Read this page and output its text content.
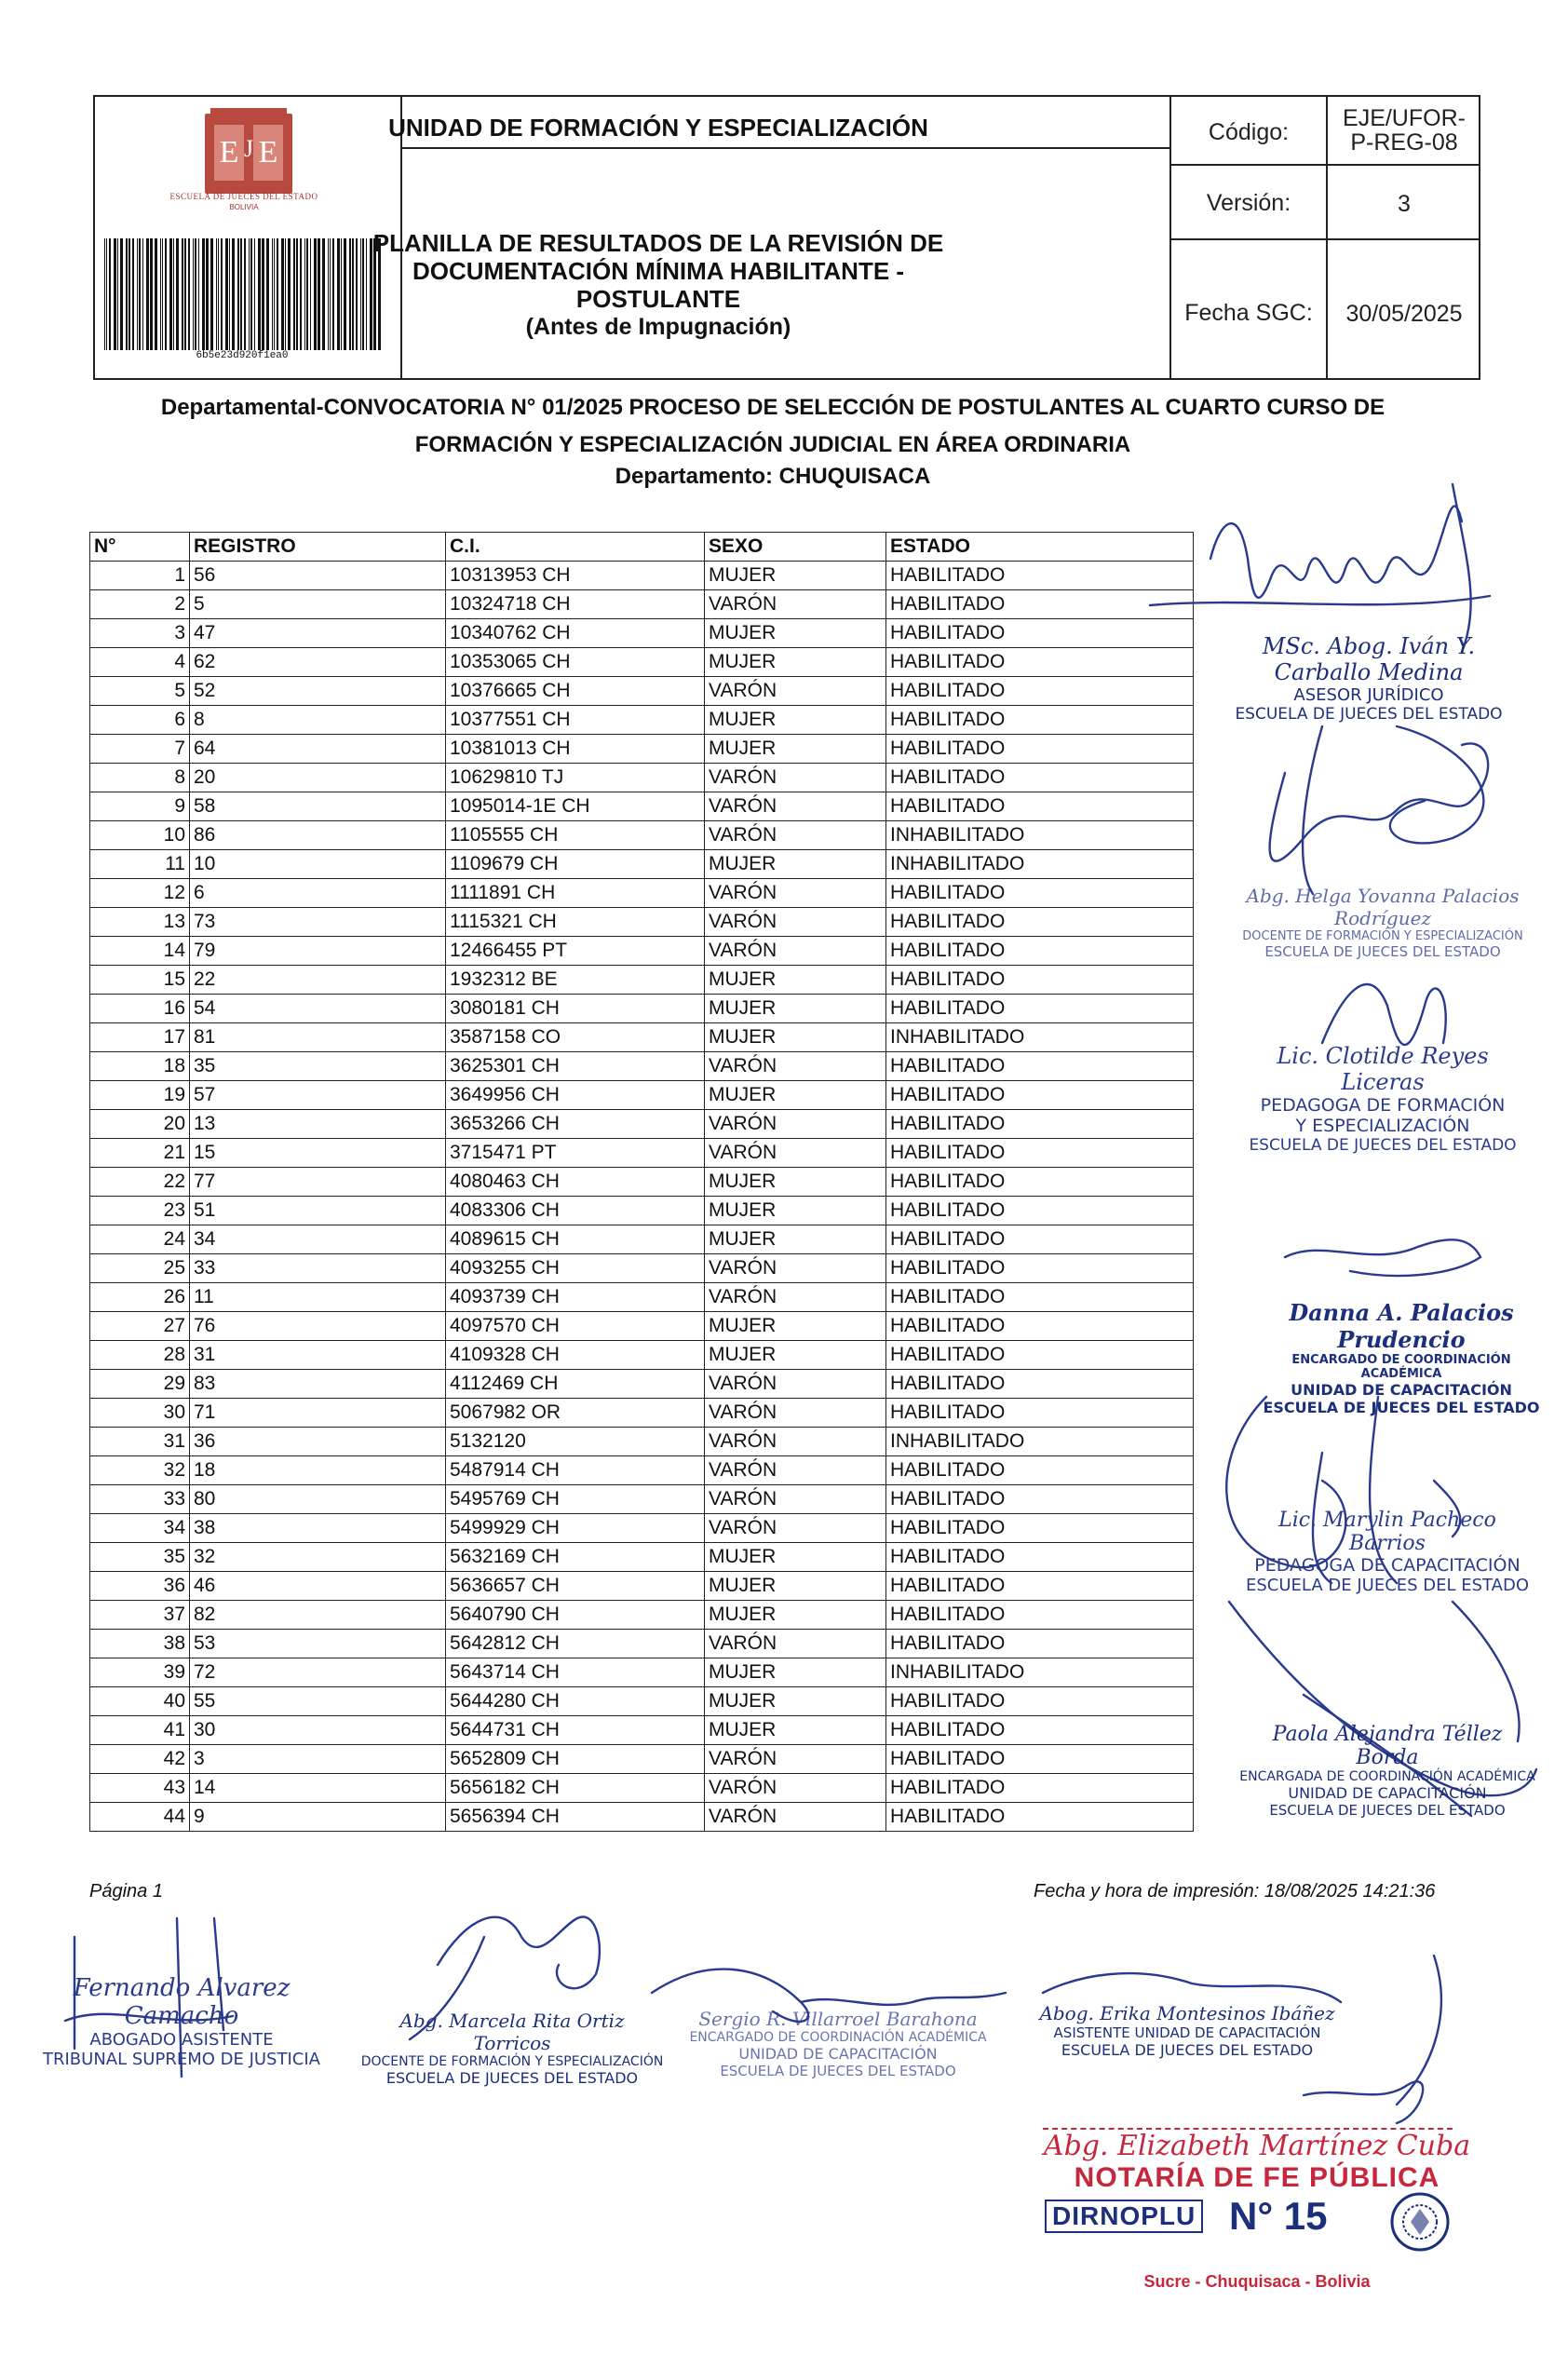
E E
J
ESCUELA DE JUECES DEL ESTADO
BOLIVIA
6b5e23d920f1ea0
UNIDAD DE FORMACIÓN Y ESPECIALIZACIÓN
PLANILLA DE RESULTADOS DE LA REVISIÓN DE
DOCUMENTACIÓN MÍNIMA HABILITANTE - POSTULANTE
(Antes de Impugnación)
Código:
EJE/UFOR-
P-REG-08
Versión:	3
Fecha SGC:	30/05/2025
Departamental-CONVOCATORIA N° 01/2025 PROCESO DE SELECCIÓN DE POSTULANTES AL CUARTO CURSO DE
FORMACIÓN Y ESPECIALIZACIÓN JUDICIAL EN ÁREA ORDINARIA
Departamento: CHUQUISACA
N°	REGISTRO	C.I.	SEXO	ESTADO
1	56	10313953 CH	MUJER	HABILITADO
2	5	10324718 CH	VARÓN	HABILITADO
3	47	10340762 CH	MUJER	HABILITADO
4	62	10353065 CH	MUJER	HABILITADO
5	52	10376665 CH	VARÓN	HABILITADO
6	8	10377551 CH	MUJER	HABILITADO
7	64	10381013 CH	MUJER	HABILITADO
8	20	10629810 TJ	VARÓN	HABILITADO
9	58	1095014-1E CH	VARÓN	HABILITADO
10	86	1105555 CH	VARÓN	INHABILITADO
11	10	1109679 CH	MUJER	INHABILITADO
12	6	1111891 CH	VARÓN	HABILITADO
13	73	1115321 CH	VARÓN	HABILITADO
14	79	12466455 PT	VARÓN	HABILITADO
15	22	1932312 BE	MUJER	HABILITADO
16	54	3080181 CH	MUJER	HABILITADO
17	81	3587158 CO	MUJER	INHABILITADO
18	35	3625301 CH	VARÓN	HABILITADO
19	57	3649956 CH	MUJER	HABILITADO
20	13	3653266 CH	VARÓN	HABILITADO
21	15	3715471 PT	VARÓN	HABILITADO
22	77	4080463 CH	MUJER	HABILITADO
23	51	4083306 CH	MUJER	HABILITADO
24	34	4089615 CH	MUJER	HABILITADO
25	33	4093255 CH	VARÓN	HABILITADO
26	11	4093739 CH	VARÓN	HABILITADO
27	76	4097570 CH	MUJER	HABILITADO
28	31	4109328 CH	MUJER	HABILITADO
29	83	4112469 CH	VARÓN	HABILITADO
30	71	5067982 OR	VARÓN	HABILITADO
31	36	5132120	VARÓN	INHABILITADO
32	18	5487914 CH	VARÓN	HABILITADO
33	80	5495769 CH	VARÓN	HABILITADO
34	38	5499929 CH	VARÓN	HABILITADO
35	32	5632169 CH	MUJER	HABILITADO
36	46	5636657 CH	MUJER	HABILITADO
37	82	5640790 CH	MUJER	HABILITADO
38	53	5642812 CH	VARÓN	HABILITADO
39	72	5643714 CH	MUJER	INHABILITADO
40	55	5644280 CH	MUJER	HABILITADO
41	30	5644731 CH	MUJER	HABILITADO
42	3	5652809 CH	VARÓN	HABILITADO
43	14	5656182 CH	VARÓN	HABILITADO
44	9	5656394 CH	VARÓN	HABILITADO
Página 1	Fecha y hora de impresión: 18/08/2025 14:21:36
MSc. Abog. Iván Y. Carballo Medina
ASESOR JURÍDICO
ESCUELA DE JUECES DEL ESTADO
Abg. Helga Yovanna Palacios Rodríguez
DOCENTE DE FORMACIÓN Y ESPECIALIZACIÓN
ESCUELA DE JUECES DEL ESTADO
Lic. Clotilde Reyes Liceras
PEDAGOGA DE FORMACIÓN
Y ESPECIALIZACIÓN
ESCUELA DE JUECES DEL ESTADO
Danna A. Palacios Prudencio
ENCARGADO DE COORDINACIÓN ACADÉMICA
UNIDAD DE CAPACITACIÓN
ESCUELA DE JUECES DEL ESTADO
Lic. Marylin Pacheco Barrios
PEDAGOGA DE CAPACITACIÓN
ESCUELA DE JUECES DEL ESTADO
Paola Alejandra Téllez Borda
ENCARGADA DE COORDINACIÓN ACADÉMICA
UNIDAD DE CAPACITACIÓN
ESCUELA DE JUECES DEL ESTADO
Fernando Alvarez Camacho
ABOGADO ASISTENTE
TRIBUNAL SUPREMO DE JUSTICIA
Abg. Marcela Rita Ortiz Torricos
DOCENTE DE FORMACIÓN Y ESPECIALIZACIÓN
ESCUELA DE JUECES DEL ESTADO
Sergio R. Villarroel Barahona
ENCARGADO DE COORDINACIÓN ACADÉMICA
UNIDAD DE CAPACITACIÓN
ESCUELA DE JUECES DEL ESTADO
Abog. Erika Montesinos Ibáñez
ASISTENTE UNIDAD DE CAPACITACIÓN
ESCUELA DE JUECES DEL ESTADO
Abg. Elizabeth Martínez Cuba
NOTARÍA DE FE PÚBLICA
DIRNOPLU N° 15
Sucre - Chuquisaca - Bolivia
